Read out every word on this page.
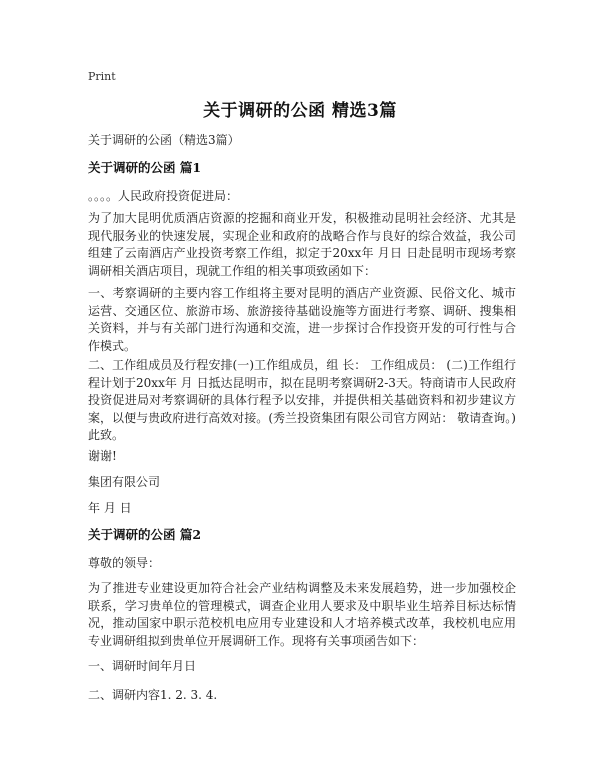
Print
关于调研的公函 精选3篇
关于调研的公函（精选3篇）
关于调研的公函 篇1
。。。。人民政府投资促进局：

为了加大昆明优质酒店资源的挖掘和商业开发，积极推动昆明社会经济、尤其是现代服务业的快速发展，实现企业和政府的战略合作与良好的综合效益，我公司组建了云南酒店产业投资考察工作组，拟定于20xx年 月日 日赴昆明市现场考察调研相关酒店项目，现就工作组的相关事项致函如下：

一、考察调研的主要内容工作组将主要对昆明的酒店产业资源、民俗文化、城市运营、交通区位、旅游市场、旅游接待基础设施等方面进行考察、调研、搜集相关资料，并与有关部门进行沟通和交流，进一步探讨合作投资开发的可行性与合作模式。

二、工作组成员及行程安排(一)工作组成员，组 长： 工作组成员： (二)工作组行程计划于20xx年 月 日抵达昆明市，拟在昆明考察调研2-3天。特商请市人民政府投资促进局对考察调研的具体行程予以安排，并提供相关基础资料和初步建议方案，以便与贵政府进行高效对接。(秀兰投资集团有限公司官方网站： 敬请查询。)此致。

谢谢!
集团有限公司
年 月 日
关于调研的公函 篇2
尊敬的领导：

为了推进专业建设更加符合社会产业结构调整及未来发展趋势，进一步加强校企联系，学习贵单位的管理模式，调查企业用人要求及中职毕业生培养目标达标情况，推动国家中职示范校机电应用专业建设和人才培养模式改革，我校机电应用专业调研组拟到贵单位开展调研工作。现将有关事项函告如下：

一、调研时间年月日
二、调研内容1. 2. 3. 4.
